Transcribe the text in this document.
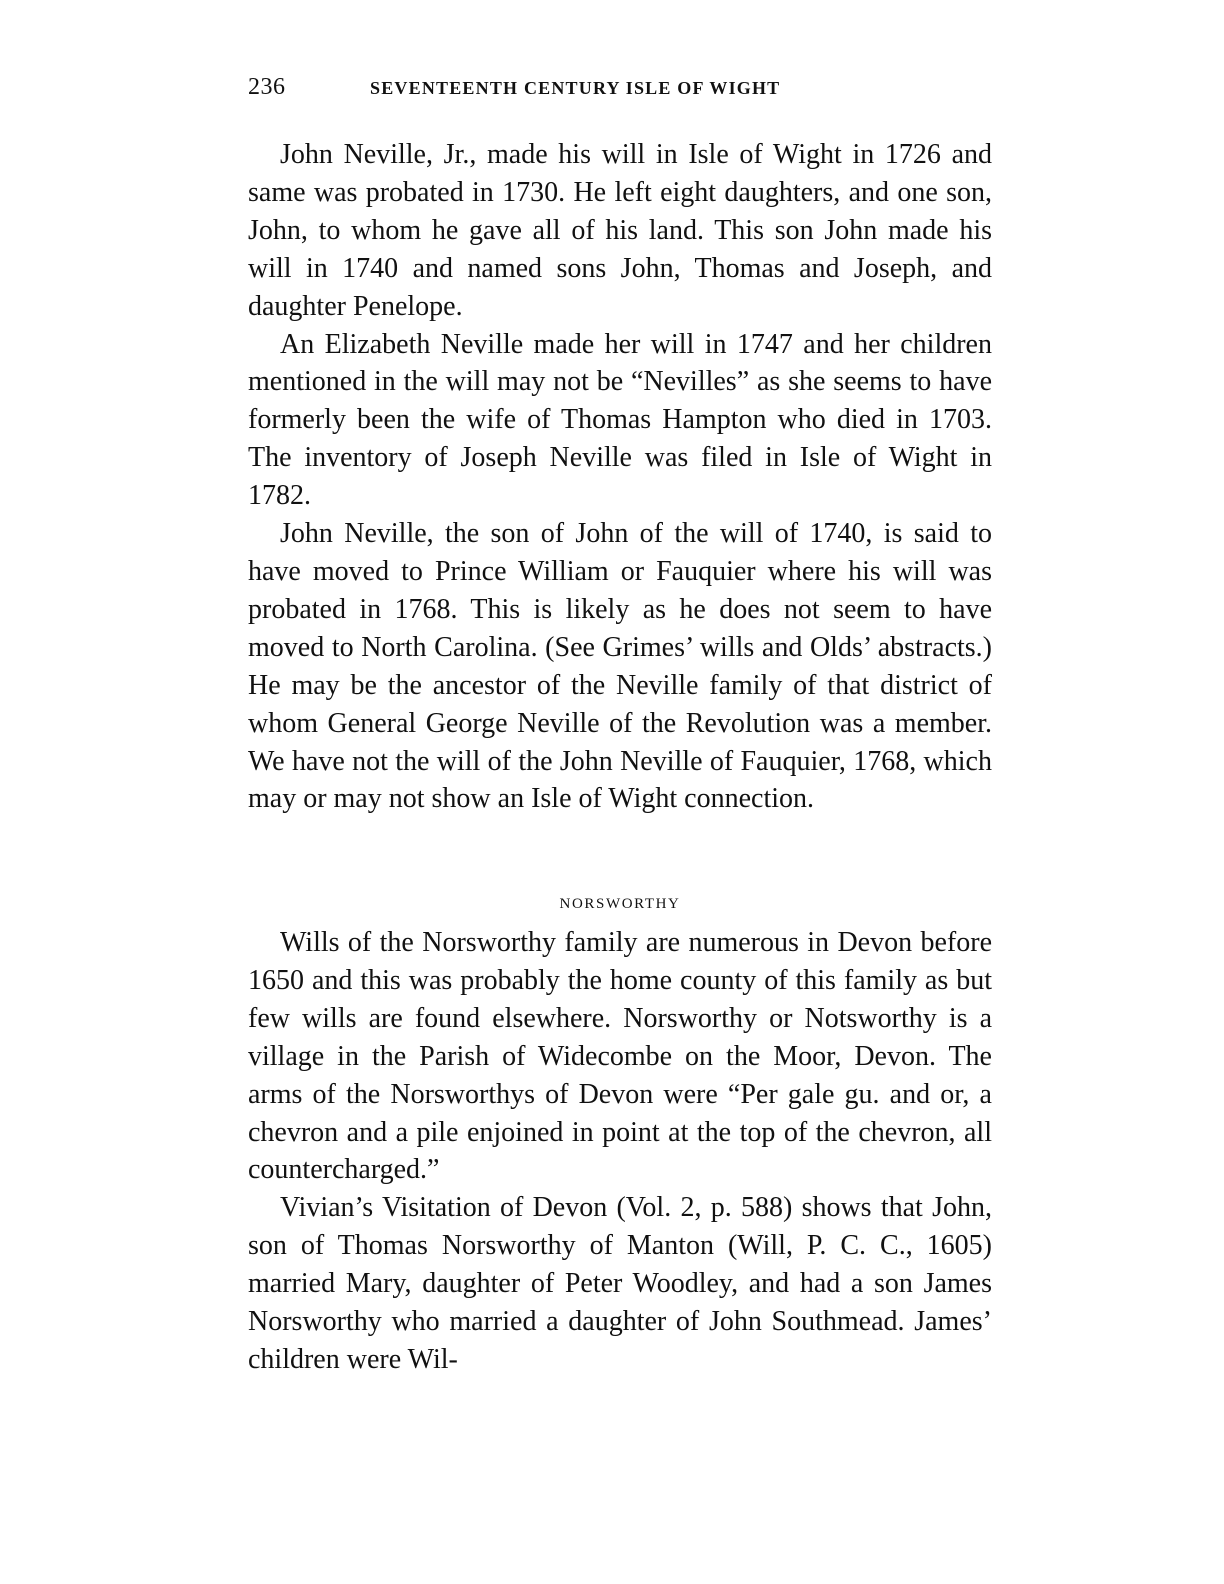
236	SEVENTEENTH CENTURY ISLE OF WIGHT

John Neville, Jr., made his will in Isle of Wight in 1726 and same was probated in 1730. He left eight daughters, and one son, John, to whom he gave all of his land. This son John made his will in 1740 and named sons John, Thomas and Joseph, and daughter Penelope.

An Elizabeth Neville made her will in 1747 and her children mentioned in the will may not be “Nevilles” as she seems to have formerly been the wife of Thomas Hampton who died in 1703. The inventory of Joseph Neville was filed in Isle of Wight in 1782.

John Neville, the son of John of the will of 1740, is said to have moved to Prince William or Fauquier where his will was probated in 1768. This is likely as he does not seem to have moved to North Carolina. (See Grimes’ wills and Olds’ abstracts.) He may be the ancestor of the Neville family of that district of whom General George Neville of the Revolution was a member. We have not the will of the John Neville of Fauquier, 1768, which may or may not show an Isle of Wight connection.

NORSWORTHY

Wills of the Norsworthy family are numerous in Devon before 1650 and this was probably the home county of this family as but few wills are found elsewhere. Norsworthy or Notsworthy is a village in the Parish of Widecombe on the Moor, Devon. The arms of the Norsworthys of Devon were “Per gale gu. and or, a chevron and a pile enjoined in point at the top of the chevron, all countercharged.”

Vivian’s Visitation of Devon (Vol. 2, p. 588) shows that John, son of Thomas Norsworthy of Manton (Will, P. C. C., 1605) married Mary, daughter of Peter Woodley, and had a son James Norsworthy who married a daughter of John Southmead. James’ children were Wil-
